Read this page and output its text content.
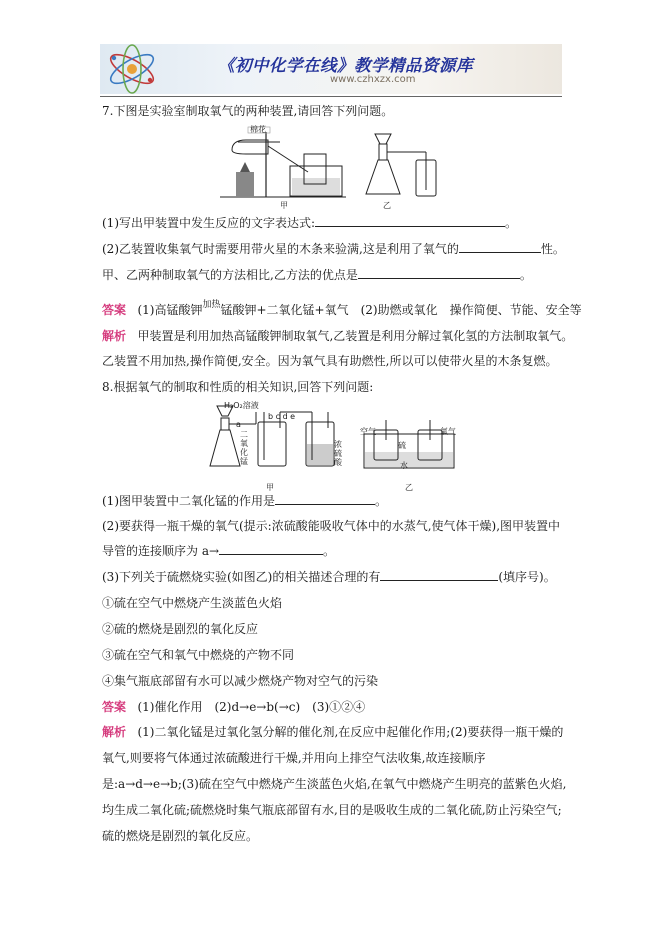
《初中化学在线》教学精品资源库
www.czhxzx.com
7.下图是实验室制取氧气的两种装置,请回答下列问题。
棉花
甲	乙
(1)写出甲装置中发生反应的文字表达式:	。
(2)乙装置收集氧气时需要用带火星的木条来验满,这是利用了氧气的	性。
甲、乙两种制取氧气的方法相比,乙方法的优点是	。
答案 (1)高锰酸钾$^{加热}$锰酸钾+二氧化锰+氧气　(2)助燃或氧化　操作简便、节能、安全等
解析 甲装置是利用加热高锰酸钾制取氧气,乙装置是利用分解过氧化氢的方法制取氧气。
乙装置不用加热,操作简便,安全。因为氧气具有助燃性,所以可以使带火星的木条复燃。
8.根据氧气的制取和性质的相关知识,回答下列问题:
H₂O₂溶液
二氧化锰
b c d e
a
浓硫酸
空气
硫
氧气
水
甲	乙
(1)图甲装置中二氧化锰的作用是	。
(2)要获得一瓶干燥的氧气(提示:浓硫酸能吸收气体中的水蒸气,使气体干燥),图甲装置中
导管的连接顺序为 a→	。
(3)下列关于硫燃烧实验(如图乙)的相关描述合理的有	(填序号)。
①硫在空气中燃烧产生淡蓝色火焰
②硫的燃烧是剧烈的氧化反应
③硫在空气和氧气中燃烧的产物不同
④集气瓶底部留有水可以减少燃烧产物对空气的污染
答案 (1)催化作用　(2)d→e→b(→c)　(3)①②④
解析 (1)二氧化锰是过氧化氢分解的催化剂,在反应中起催化作用;(2)要获得一瓶干燥的
氧气,则要将气体通过浓硫酸进行干燥,并用向上排空气法收集,故连接顺序
是:a→d→e→b;(3)硫在空气中燃烧产生淡蓝色火焰,在氧气中燃烧产生明亮的蓝紫色火焰,
均生成二氧化硫;硫燃烧时集气瓶底部留有水,目的是吸收生成的二氧化硫,防止污染空气;
硫的燃烧是剧烈的氧化反应。
